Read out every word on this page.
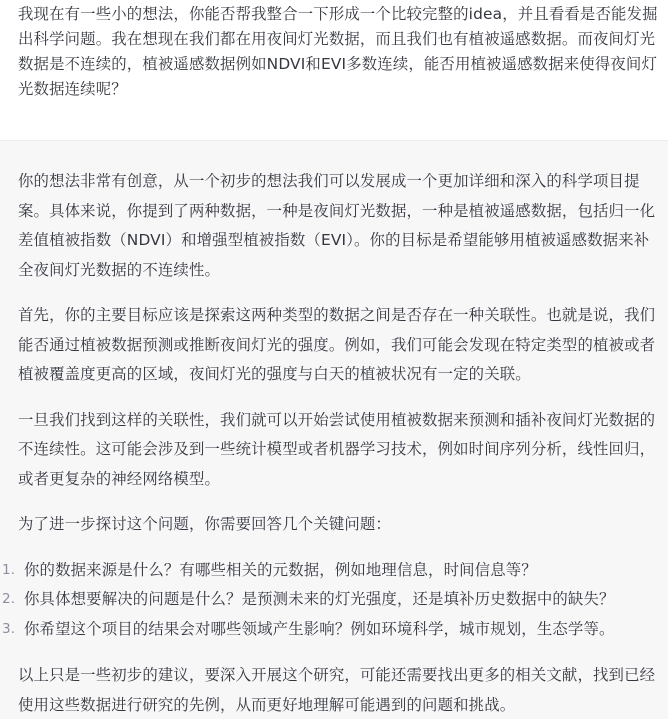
我现在有一些小的想法，你能否帮我整合一下形成一个比较完整的idea，并且看看是否能发掘出科学问题。我在想现在我们都在用夜间灯光数据，而且我们也有植被遥感数据。而夜间灯光数据是不连续的，植被遥感数据例如NDVI和EVI多数连续，能否用植被遥感数据来使得夜间灯光数据连续呢？

你的想法非常有创意，从一个初步的想法我们可以发展成一个更加详细和深入的科学项目提案。具体来说，你提到了两种数据，一种是夜间灯光数据，一种是植被遥感数据，包括归一化差值植被指数（NDVI）和增强型植被指数（EVI）。你的目标是希望能够用植被遥感数据来补全夜间灯光数据的不连续性。

首先，你的主要目标应该是探索这两种类型的数据之间是否存在一种关联性。也就是说，我们能否通过植被数据预测或推断夜间灯光的强度。例如，我们可能会发现在特定类型的植被或者植被覆盖度更高的区域，夜间灯光的强度与白天的植被状况有一定的关联。

一旦我们找到这样的关联性，我们就可以开始尝试使用植被数据来预测和插补夜间灯光数据的不连续性。这可能会涉及到一些统计模型或者机器学习技术，例如时间序列分析，线性回归，或者更复杂的神经网络模型。

为了进一步探讨这个问题，你需要回答几个关键问题：

1. 你的数据来源是什么？有哪些相关的元数据，例如地理信息，时间信息等？
2. 你具体想要解决的问题是什么？是预测未来的灯光强度，还是填补历史数据中的缺失？
3. 你希望这个项目的结果会对哪些领域产生影响？例如环境科学，城市规划，生态学等。

以上只是一些初步的建议，要深入开展这个研究，可能还需要找出更多的相关文献，找到已经使用这些数据进行研究的先例，从而更好地理解可能遇到的问题和挑战。
